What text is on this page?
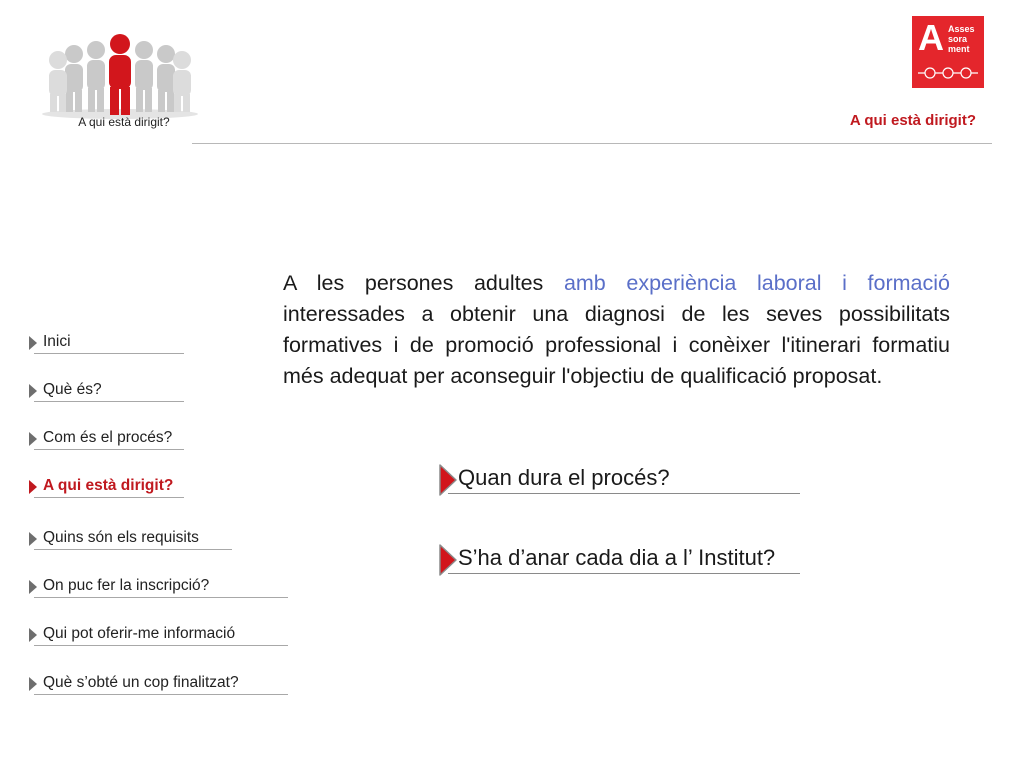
A qui està dirigit?
A Asses
sora
ment
A qui està dirigit?
Inici
Què és?
Com és el procés?
A qui està dirigit?
Quins són els requisits
On puc fer la inscripció?
Qui pot oferir-me informació
Què s’obté un cop finalitzat?

A les persones adultes amb experiència laboral i formació interessades a obtenir una diagnosi de les seves possibilitats formatives i de promoció professional i conèixer l'itinerari formatiu més adequat per aconseguir l'objectiu de qualificació proposat.

Quan dura el procés?
S’ha d’anar cada dia a l’ Institut?
